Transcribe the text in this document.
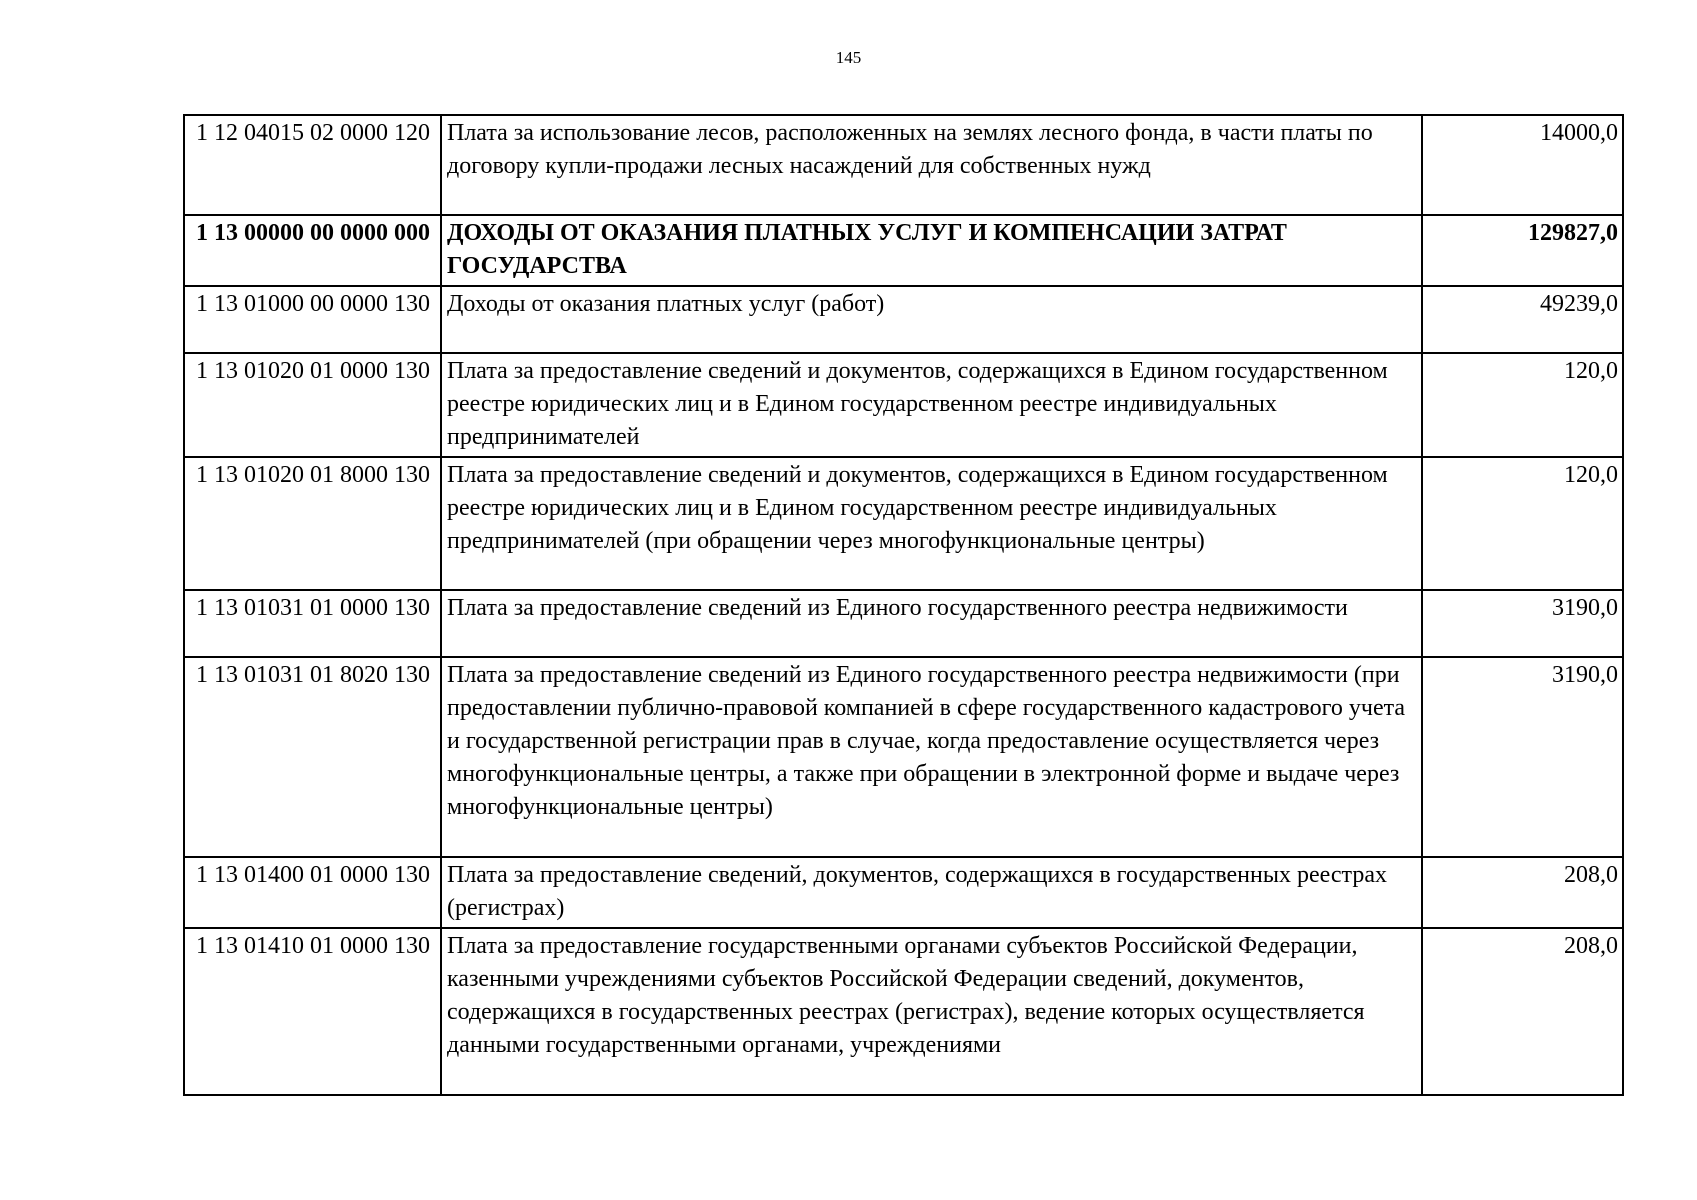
145
1 12 04015 02 0000 120	Плата за использование лесов, расположенных на землях лесного фонда, в части платы по договору купли-продажи лесных насаждений для собственных нужд	14000,0
1 13 00000 00 0000 000	ДОХОДЫ ОТ ОКАЗАНИЯ ПЛАТНЫХ УСЛУГ И КОМПЕНСАЦИИ ЗАТРАТ ГОСУДАРСТВА	129827,0
1 13 01000 00 0000 130	Доходы от оказания платных услуг (работ)	49239,0
1 13 01020 01 0000 130	Плата за предоставление сведений и документов, содержащихся в Едином государственном реестре юридических лиц и в Едином государственном реестре индивидуальных предпринимателей	120,0
1 13 01020 01 8000 130	Плата за предоставление сведений и документов, содержащихся в Едином государственном реестре юридических лиц и в Едином государственном реестре индивидуальных предпринимателей (при обращении через многофункциональные центры)	120,0
1 13 01031 01 0000 130	Плата за предоставление сведений из Единого государственного реестра недвижимости	3190,0
1 13 01031 01 8020 130	Плата за предоставление сведений из Единого государственного реестра недвижимости (при предоставлении публично-правовой компанией в сфере государственного кадастрового учета и государственной регистрации прав в случае, когда предоставление осуществляется через многофункциональные центры, а также при обращении в электронной форме и выдаче через многофункциональные центры)	3190,0
1 13 01400 01 0000 130	Плата за предоставление сведений, документов, содержащихся в государственных реестрах (регистрах)	208,0
1 13 01410 01 0000 130	Плата за предоставление государственными органами субъектов Российской Федерации, казенными учреждениями субъектов Российской Федерации сведений, документов, содержащихся в государственных реестрах (регистрах), ведение которых осуществляется данными государственными органами, учреждениями	208,0
